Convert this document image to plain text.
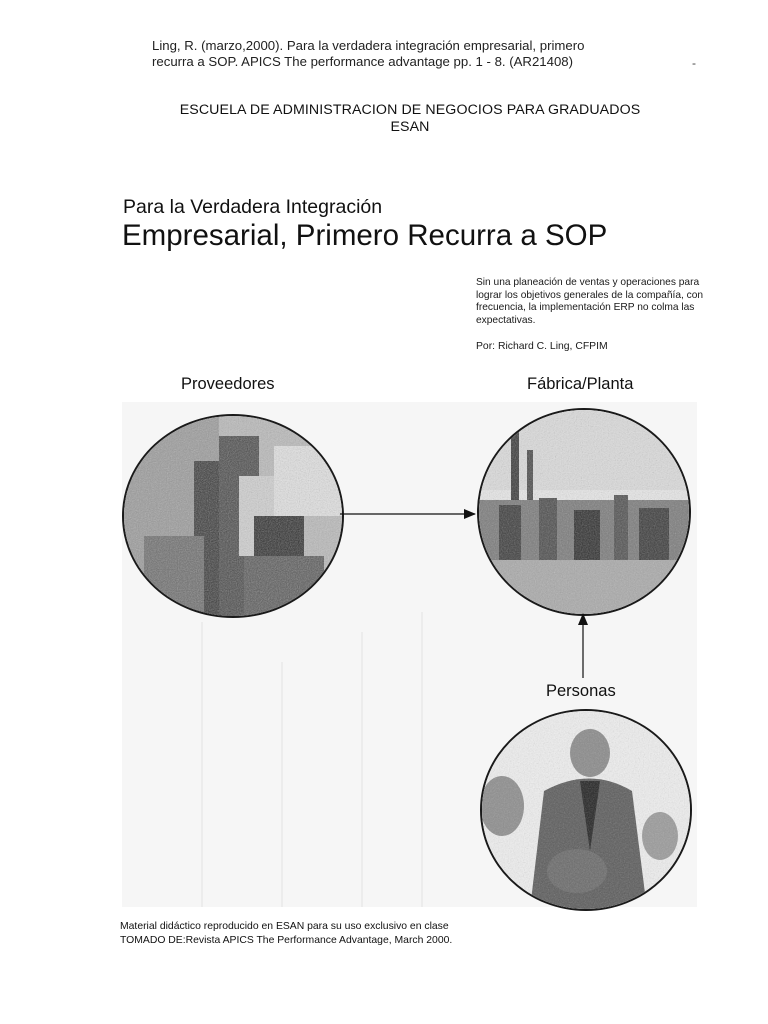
Ling, R. (marzo,2000). Para la verdadera integración empresarial, primero
recurra a SOP. APICS The performance advantage pp. 1 - 8. (AR21408)	-
ESCUELA DE ADMINISTRACION DE NEGOCIOS PARA GRADUADOS
ESAN
Para la Verdadera Integración
Empresarial, Primero Recurra a SOP
Sin una planeación de ventas y operaciones para lograr los objetivos generales de la compañía, con frecuencia, la implementación ERP no colma las expectativas.
Por: Richard C. Ling, CFPIM
Proveedores	Fábrica/Planta
Personas
Material didáctico reproducido en ESAN para su uso exclusivo en clase
TOMADO DE:Revista APICS The Performance Advantage, March 2000.
